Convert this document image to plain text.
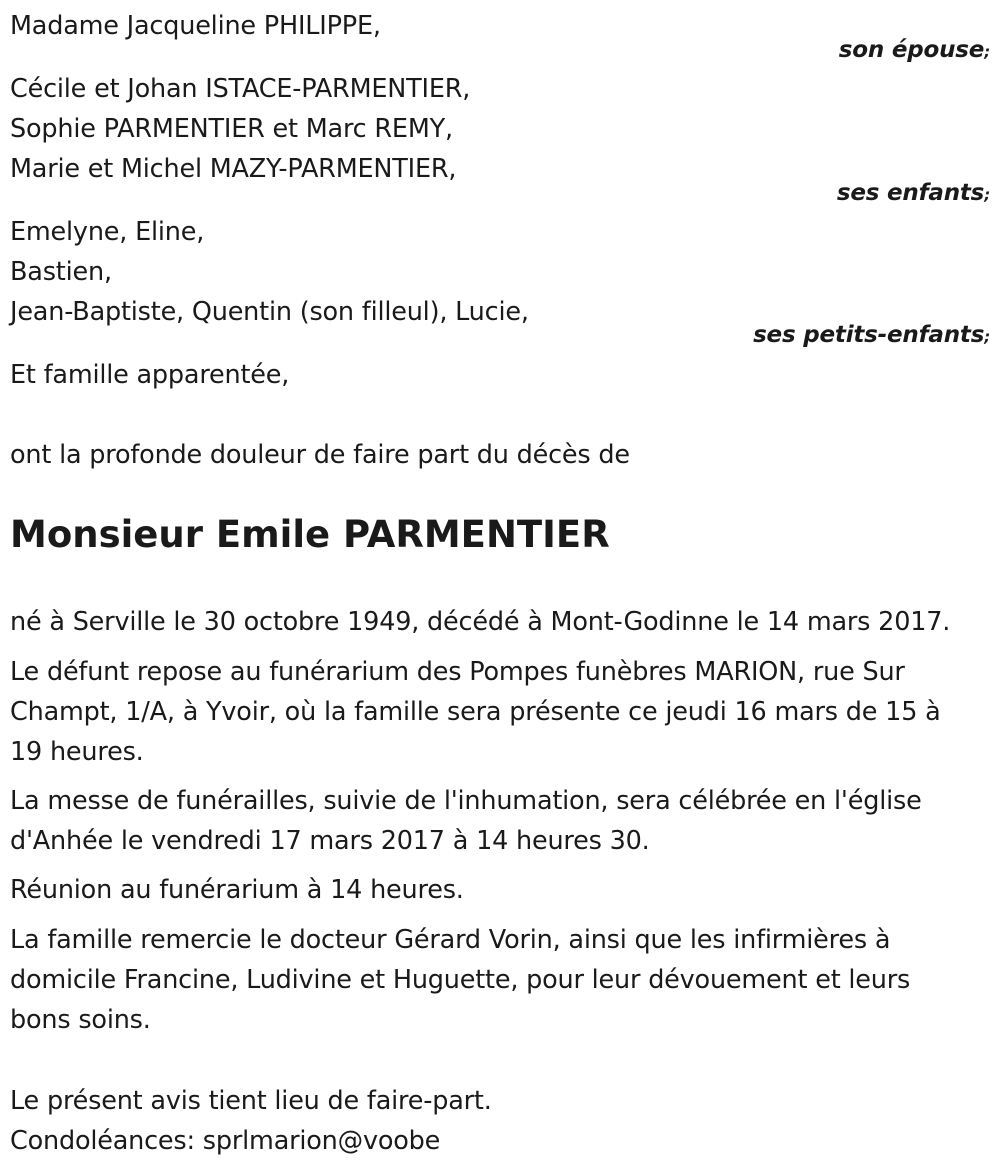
Madame Jacqueline PHILIPPE,
son épouse;
Cécile et Johan ISTACE-PARMENTIER,
Sophie PARMENTIER et Marc REMY,
Marie et Michel MAZY-PARMENTIER,
ses enfants;
Emelyne, Eline,
Bastien,
Jean-Baptiste, Quentin (son filleul), Lucie,
ses petits-enfants;
Et famille apparentée,
ont la profonde douleur de faire part du décès de
Monsieur Emile PARMENTIER
né à Serville le 30 octobre 1949, décédé à Mont-Godinne le 14 mars 2017.
Le défunt repose au funérarium des Pompes funèbres MARION, rue Sur
Champt, 1/A, à Yvoir, où la famille sera présente ce jeudi 16 mars de 15 à
19 heures.
La messe de funérailles, suivie de l'inhumation, sera célébrée en l'église
d'Anhée le vendredi 17 mars 2017 à 14 heures 30.
Réunion au funérarium à 14 heures.
La famille remercie le docteur Gérard Vorin, ainsi que les infirmières à
domicile Francine, Ludivine et Huguette, pour leur dévouement et leurs
bons soins.
Le présent avis tient lieu de faire-part.
Condoléances: sprlmarion@voobe
